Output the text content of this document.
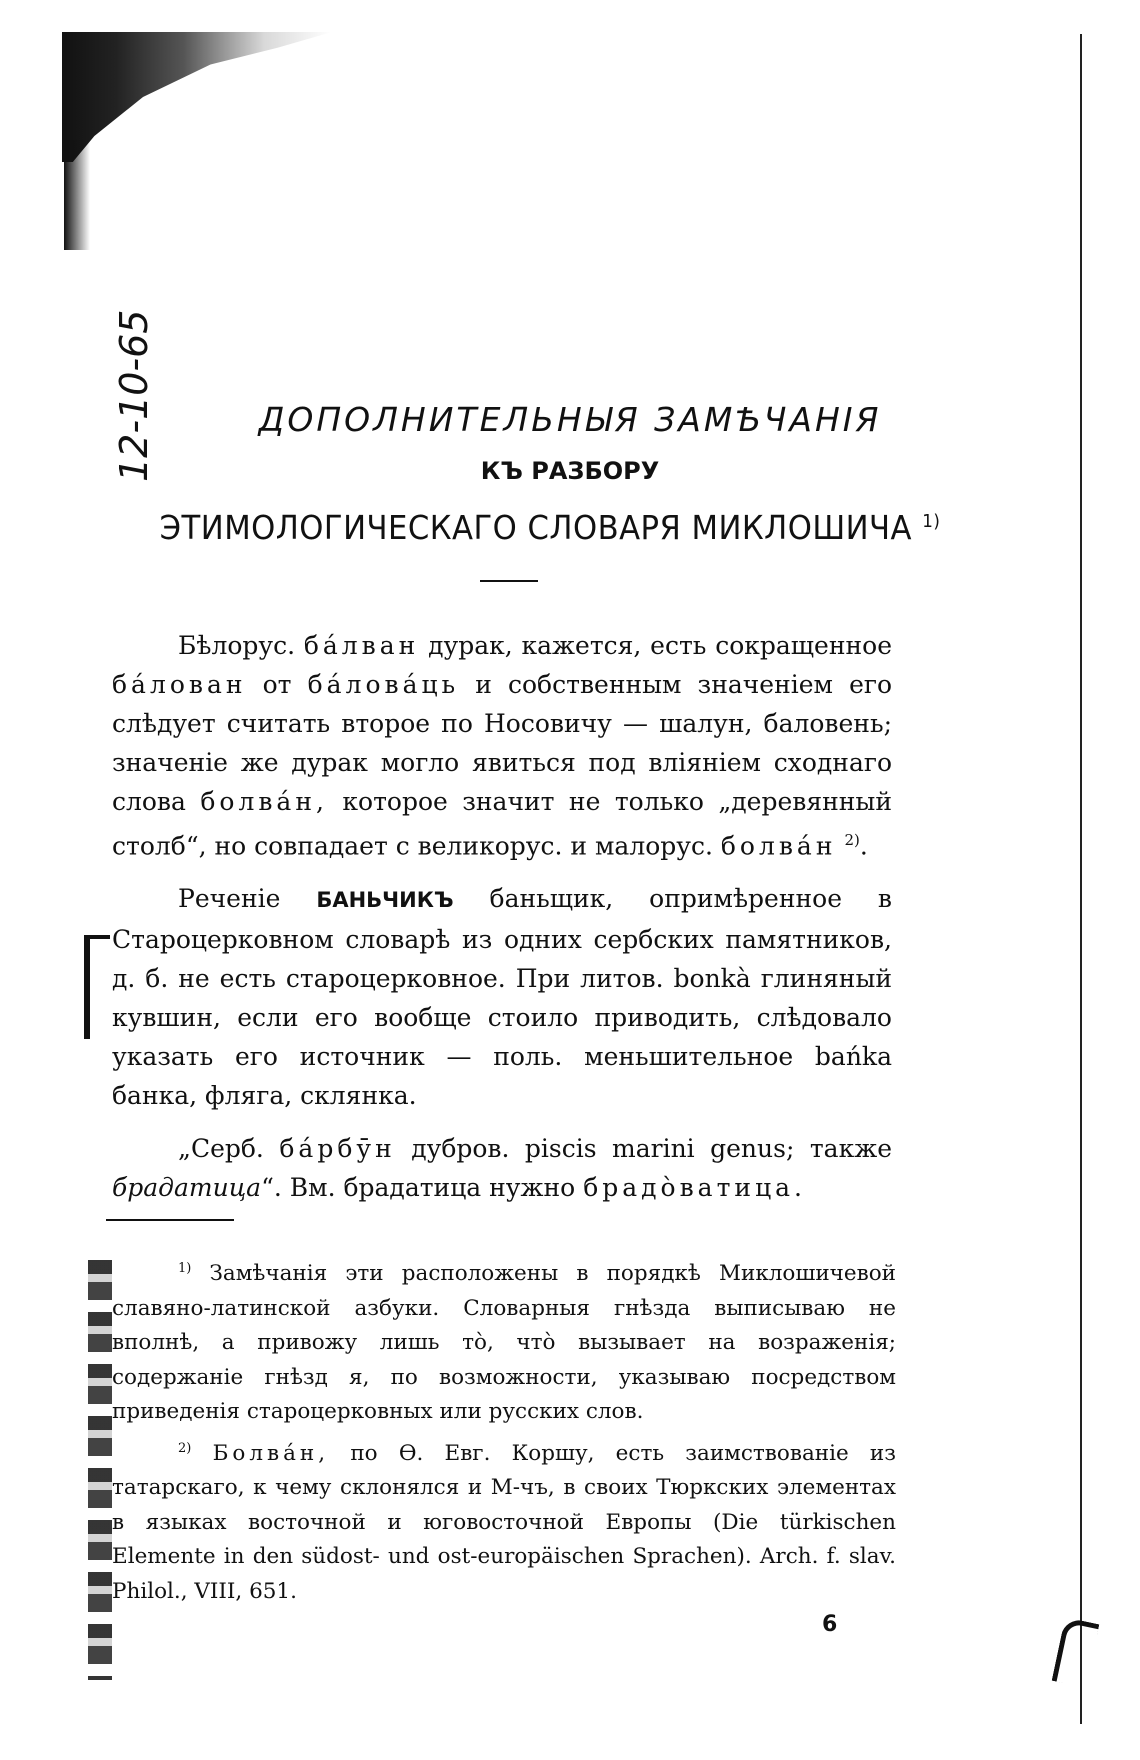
12-10-65	ДОПОЛНИТЕЛЬНЫЯ ЗАМѢЧАНІЯ
КЪ РАЗБОРУ
ЭТИМОЛОГИЧЕСКАГО СЛОВАРЯ МИКЛОШИЧА $^{1)}$

Бѣлорус. бáлван дурак, кажется, есть сокращенное бáлован от бáловáць и собственным значеніем его слѣдует считать второе по Носовичу — шалун, баловень; значеніе же дурак могло явиться под вліяніем сходнаго слова болвáн, которое значит не только „деревянный столб“, но совпадает с великорус. и малорус. болвáн $^{2)}$.

Реченіе БАНЬЧИКЪ баньщик, опримѣренное в Староцерковном словарѣ из одних сербских памятников, д. б. не есть староцерковное. При литов. bonkà глиняный кувшин, если его вообще стоило приводить, слѣдовало указать его источник — поль. меньшительное bańka банка, фляга, склянка.

„Серб. бáрбӯн дубров. piscis marini genus; также брадатица“. Вм. брадатица нужно брадòватица.

$^{1)}$ Замѣчанія эти расположены в порядкѣ Миклошичевой славяно-латинской азбуки. Словарныя гнѣзда выписываю не вполнѣ, а привожу лишь тò, чтò вызывает на возраженія; содержаніе гнѣзд я, по возможности, указываю посредством приведенія староцерковных или русских слов.

$^{2)}$ Болвáн, по Ѳ. Евг. Коршу, есть заимствованіе из татарскаго, к чему склонялся и М-чъ, в своих Тюркских элементах в языках восточной и юговосточной Европы (Die türkischen Elemente in den südost- und ost-europäischen Sprachen). Arch. f. slav. Philol., VIII, 651.

6
